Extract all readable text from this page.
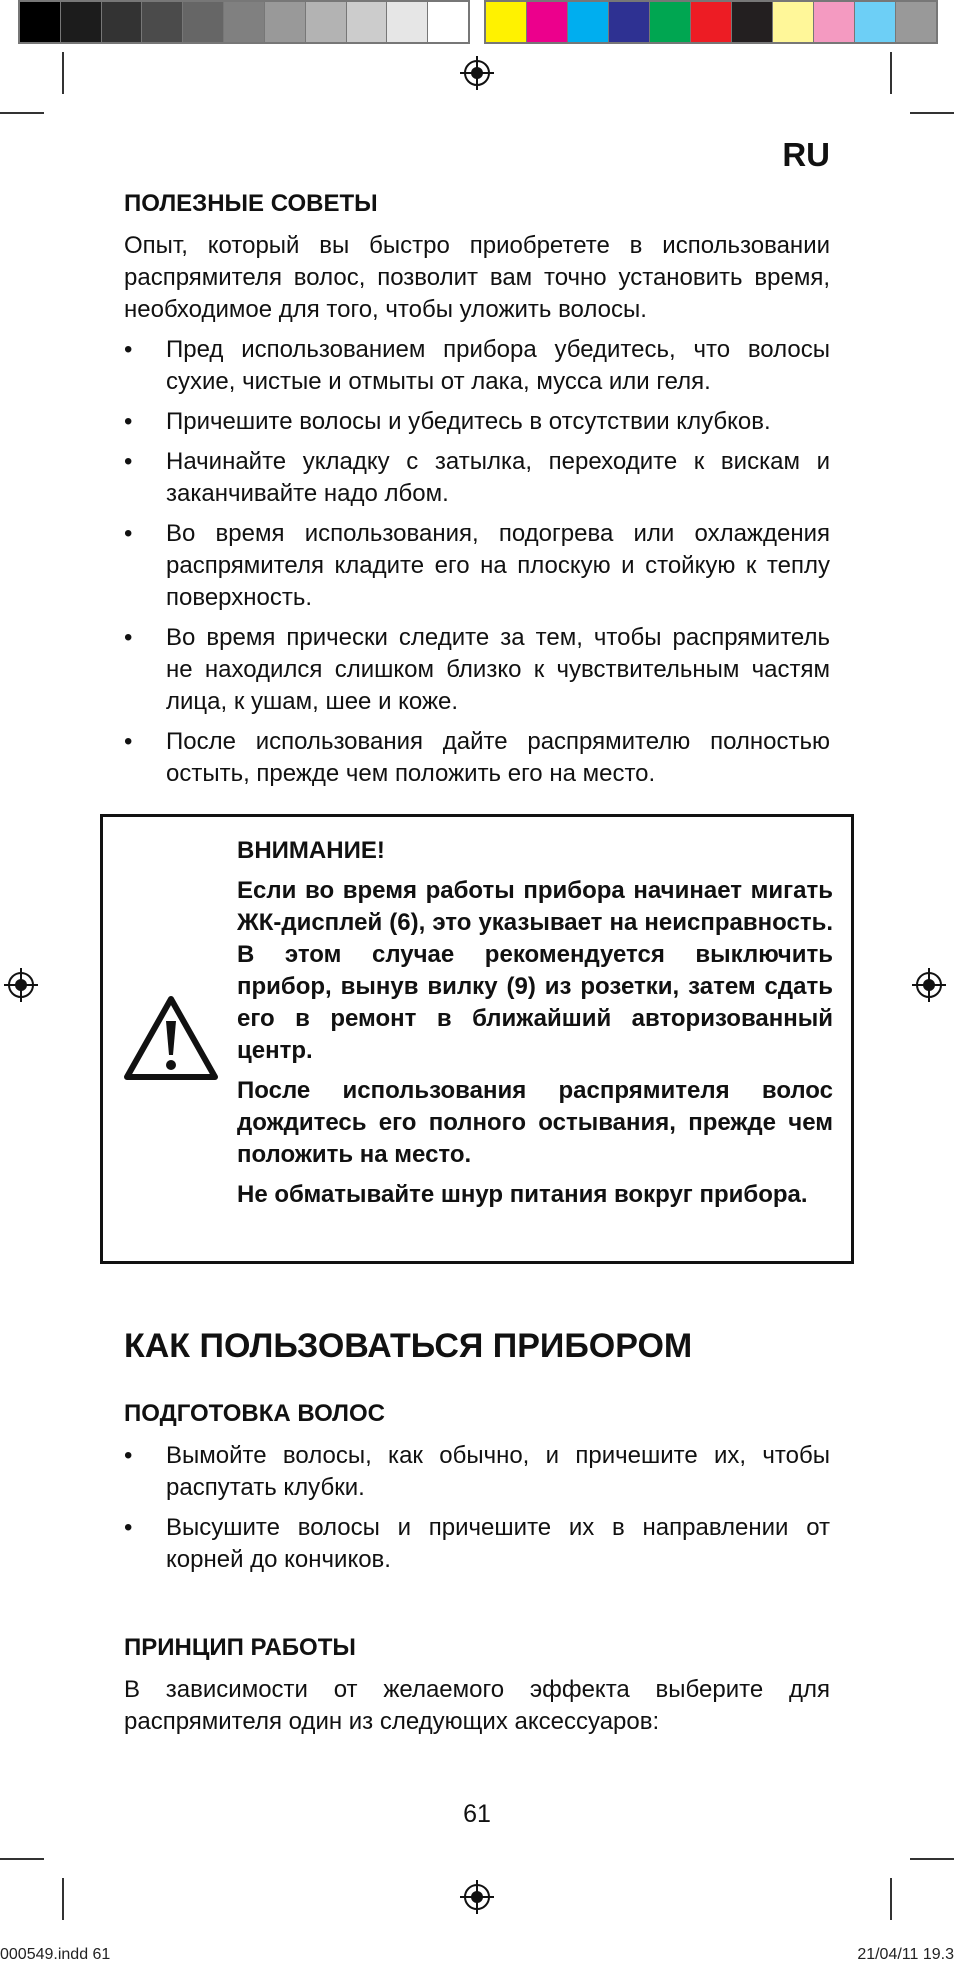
RU
ПОЛЕЗНЫЕ СОВЕТЫ

Опыт, который вы быстро приобретете в использовании распрямителя волос, позволит вам точно установить время, необходимое для того, чтобы уложить волосы.

• Пред использованием прибора убедитесь, что волосы сухие, чистые и отмыты от лака, мусса или геля.
• Причешите волосы и убедитесь в отсутствии клубков.
• Начинайте укладку с затылка, переходите к вискам и заканчивайте надо лбом.
• Во время использования, подогрева или охлаждения распрямителя кладите его на плоскую и стойкую к теплу поверхность.
• Во время прически следите за тем, чтобы распрямитель не находился слишком близко к чувствительным частям лица, к ушам, шее и коже.
• После использования дайте распрямителю полностью остыть, прежде чем положить его на место.

ВНИМАНИЕ!

Если во время работы прибора начинает мигать ЖК-дисплей (6), это указывает на неисправность. В этом случае рекомендуется выключить прибор, вынув вилку (9) из розетки, затем сдать его в ремонт в ближайший авторизованный центр.

После использования распрямителя волос дождитесь его полного остывания, прежде чем положить на место.

Не обматывайте шнур питания вокруг прибора.

КАК ПОЛЬЗОВАТЬСЯ ПРИБОРОМ
ПОДГОТОВКА ВОЛОС
• Вымойте волосы, как обычно, и причешите их, чтобы распутать клубки.
• Высушите волосы и причешите их в направлении от корней до кончиков.
ПРИНЦИП РАБОТЫ

В зависимости от желаемого эффекта выберите для распрямителя один из следующих аксессуаров:

61
000549.indd 61	21/04/11 19.3
